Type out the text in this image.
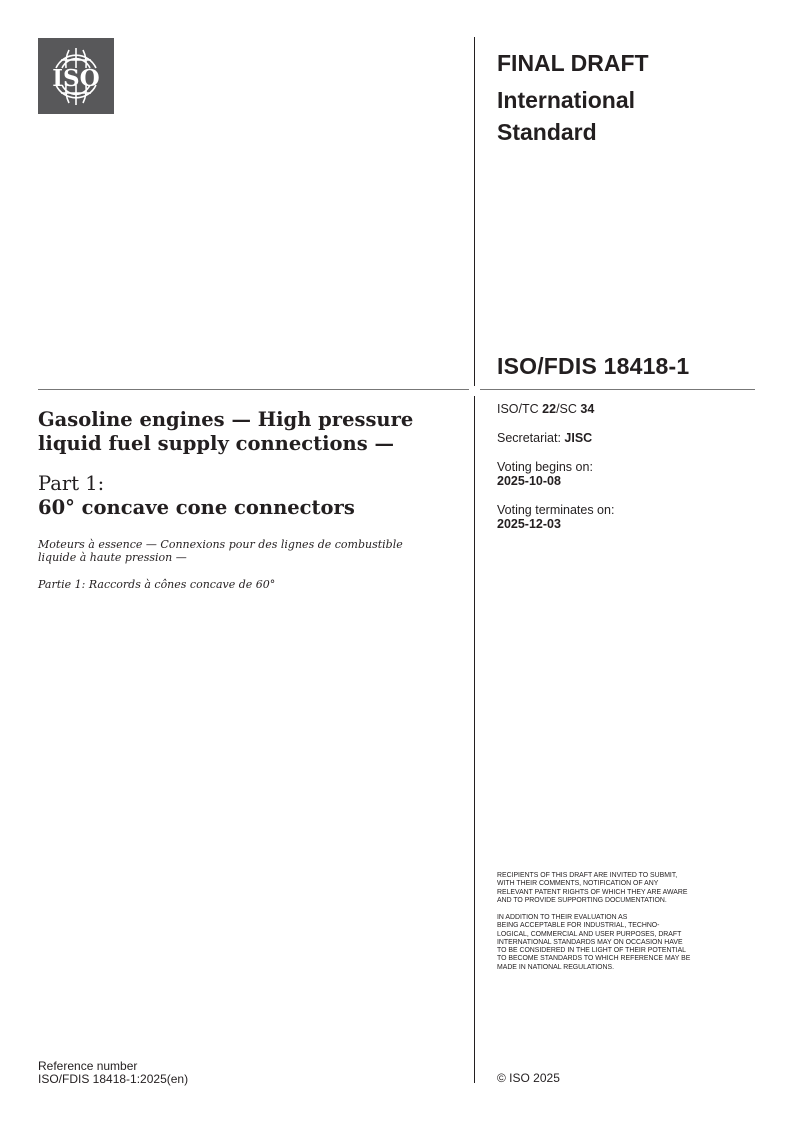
ISO
FINAL DRAFT
International
Standard
ISO/FDIS 18418-1
ISO/TC 22/SC 34
Secretariat: JISC
Voting begins on:
2025-10-08
Voting terminates on:
2025-12-03
Gasoline engines — High pressure
liquid fuel supply connections —
Part 1:
60° concave cone connectors
Moteurs à essence — Connexions pour des lignes de combustible
liquide à haute pression —
Partie 1: Raccords à cônes concave de 60°
RECIPIENTS OF THIS DRAFT ARE INVITED TO SUBMIT,
WITH THEIR COMMENTS, NOTIFICATION OF ANY
RELEVANT PATENT RIGHTS OF WHICH THEY ARE AWARE
AND TO PROVIDE SUPPORTING DOCUMENTATION.
IN ADDITION TO THEIR EVALUATION AS
BEING ACCEPTABLE FOR INDUSTRIAL, TECHNO-
LOGICAL, COMMERCIAL AND USER PURPOSES, DRAFT
INTERNATIONAL STANDARDS MAY ON OCCASION HAVE
TO BE CONSIDERED IN THE LIGHT OF THEIR POTENTIAL
TO BECOME STANDARDS TO WHICH REFERENCE MAY BE
MADE IN NATIONAL REGULATIONS.
Reference number
ISO/FDIS 18418-1:2025(en)	© ISO 2025
